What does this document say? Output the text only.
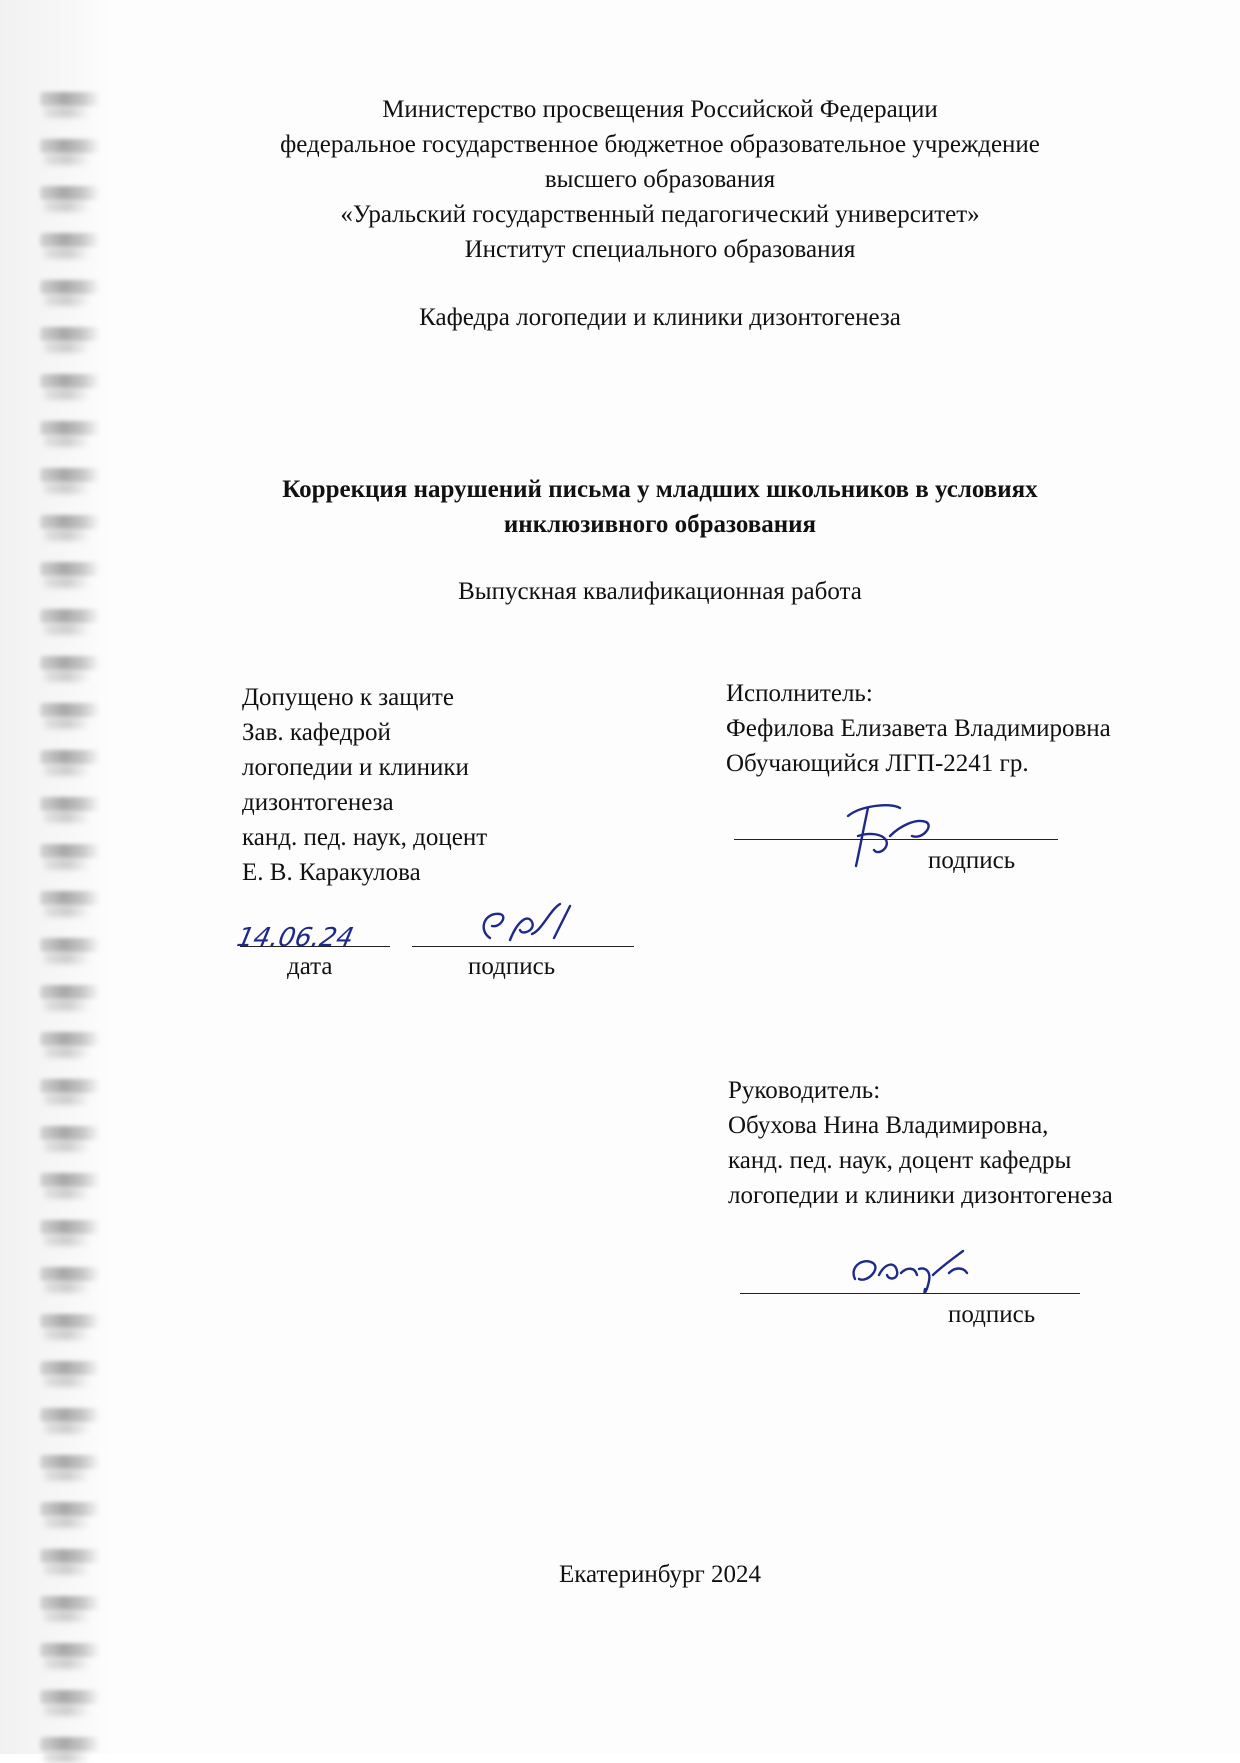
Министерство просвещения Российской Федерации
федеральное государственное бюджетное образовательное учреждение
высшего образования
«Уральский государственный педагогический университет»
Институт специального образования
Кафедра логопедии и клиники дизонтогенеза
Коррекция нарушений письма у младших школьников в условиях
инклюзивного образования
Выпускная квалификационная работа
Допущено к защите
Зав. кафедрой
логопедии и клиники
дизонтогенеза
канд. пед. наук, доцент
Е. В. Каракулова
14.06.24
дата	подпись
Исполнитель:
Фефилова Елизавета Владимировна
Обучающийся ЛГП-2241 гр.
подпись
Руководитель:
Обухова Нина Владимировна,
канд. пед. наук, доцент кафедры
логопедии и клиники дизонтогенеза
подпись
Екатеринбург 2024
